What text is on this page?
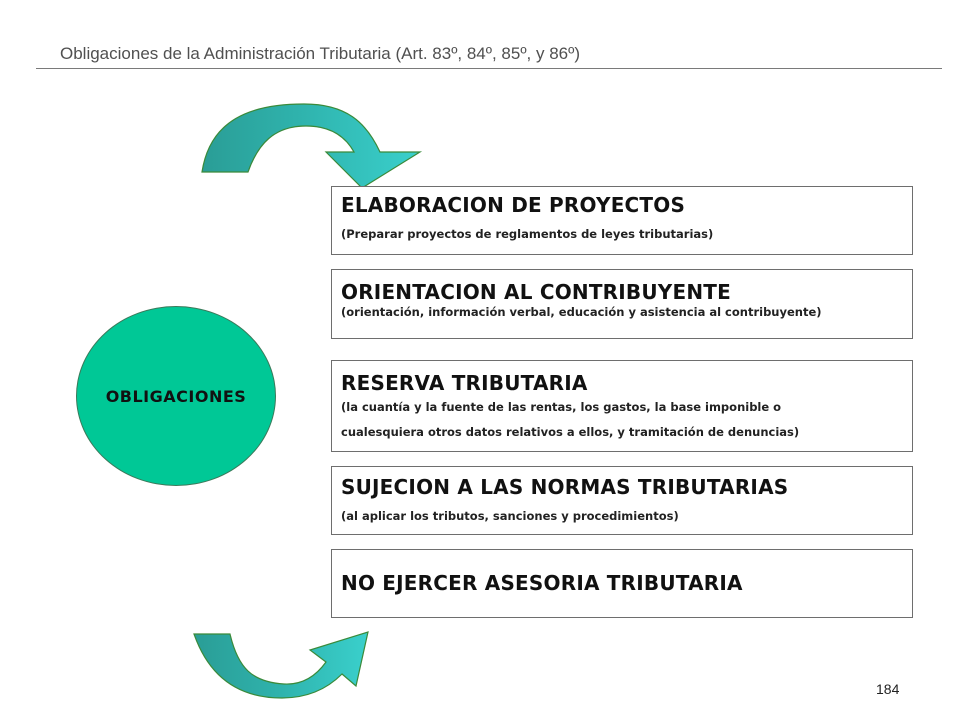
Obligaciones de la Administración Tributaria (Art. 83º, 84º, 85º, y 86º)
OBLIGACIONES
ELABORACION DE PROYECTOS
(Preparar proyectos de reglamentos de leyes tributarias)
ORIENTACION AL CONTRIBUYENTE
(orientación, información verbal, educación y asistencia al contribuyente)
RESERVA TRIBUTARIA
(la cuantía y la fuente de las rentas, los gastos, la base imponible o cualesquiera otros datos relativos a ellos, y tramitación de denuncias)
SUJECION A LAS NORMAS TRIBUTARIAS
(al aplicar los tributos, sanciones y procedimientos)
NO EJERCER ASESORIA TRIBUTARIA
184
